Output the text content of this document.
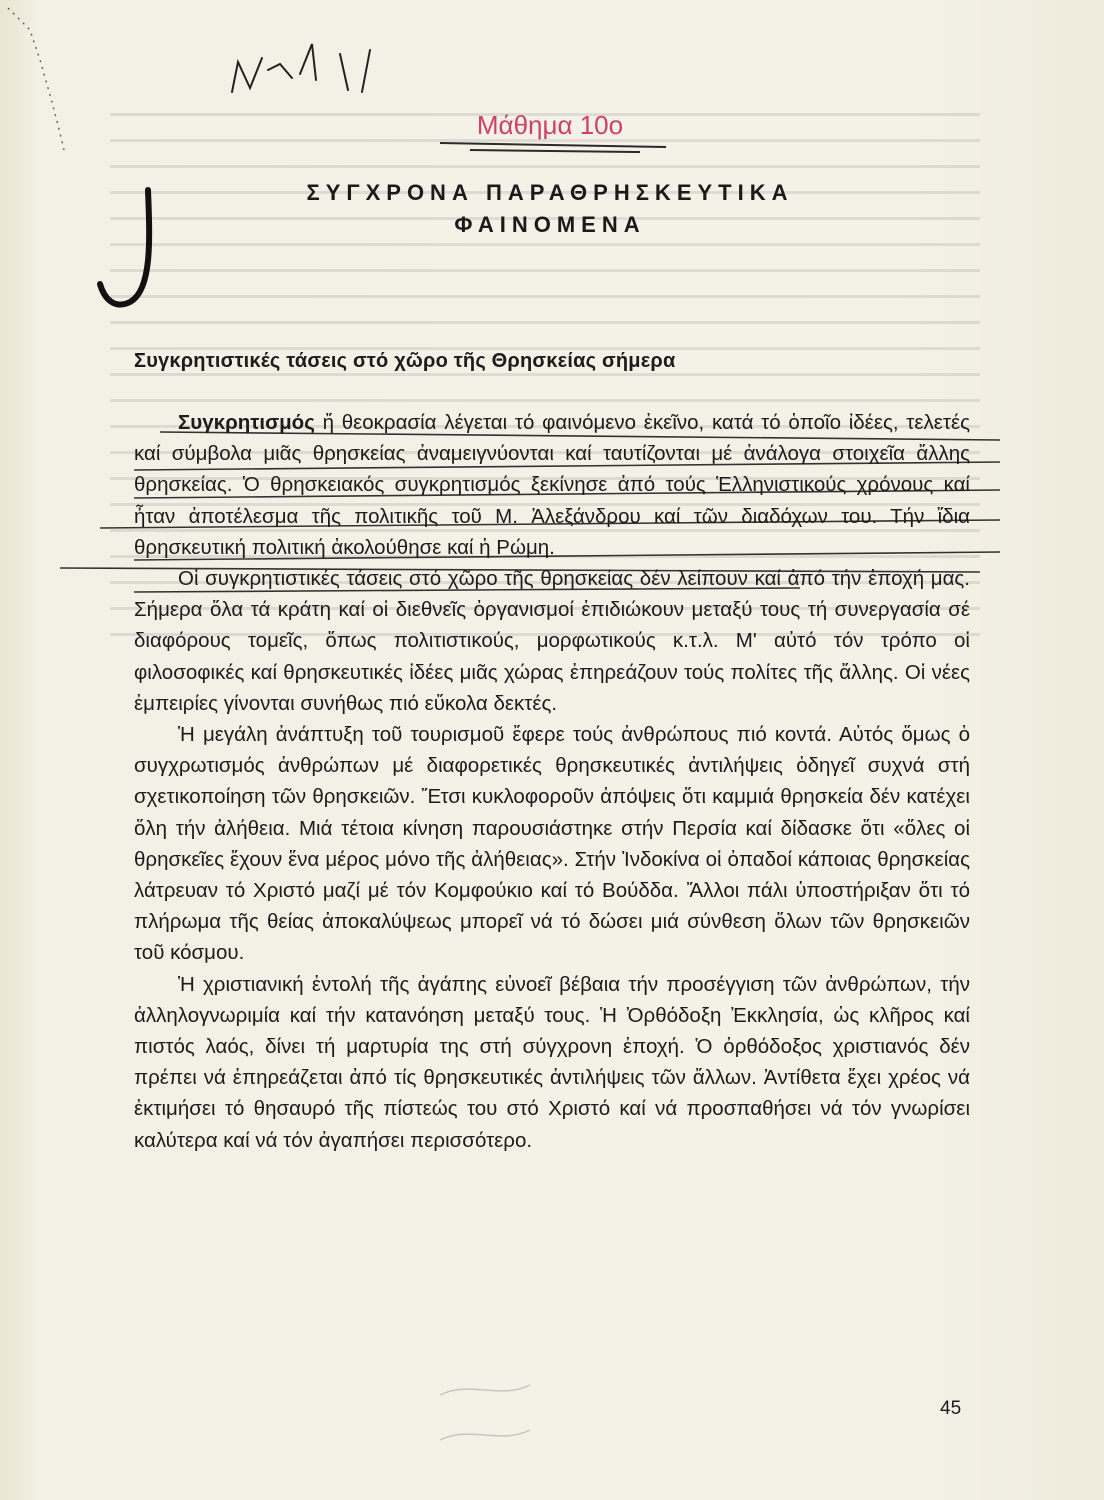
Μάθημα 10ο
ΣΥΓΧΡΟΝΑ ΠΑΡΑΘΡΗΣΚΕΥΤΙΚΑ
ΦΑΙΝΟΜΕΝΑ
Συγκρητιστικές τάσεις στό χῶρο τῆς Θρησκείας σήμερα

Συγκρητισμός ἤ θεοκρασία λέγεται τό φαινόμενο ἐκεῖνο, κατά τό ὁποῖο ἰδέες, τελετές καί σύμβολα μιᾶς θρησκείας ἀναμειγνύονται καί ταυτίζονται μέ ἀνάλογα στοιχεῖα ἄλλης θρησκείας. Ὁ θρησκειακός συγκρητισμός ξεκίνησε ἀπό τούς Ἑλληνιστικούς χρόνους καί ἦταν ἀποτέλεσμα τῆς πολιτικῆς τοῦ Μ. Ἀλεξάνδρου καί τῶν διαδόχων του. Τήν ἴδια θρησκευτική πολιτική ἀκολούθησε καί ἡ Ρώμη.

Οἱ συγκρητιστικές τάσεις στό χῶρο τῆς θρησκείας δέν λείπουν καί ἀπό τήν ἐποχή μας. Σήμερα ὅλα τά κράτη καί οἱ διεθνεῖς ὀργανισμοί ἐπιδιώκουν μεταξύ τους τή συνεργασία σέ διαφόρους τομεῖς, ὅπως πολιτιστικούς, μορφωτικούς κ.τ.λ. Μ' αὐτό τόν τρόπο οἱ φιλοσοφικές καί θρησκευτικές ἰδέες μιᾶς χώρας ἐπηρεάζουν τούς πολίτες τῆς ἄλλης. Οἱ νέες ἐμπειρίες γίνονται συνήθως πιό εὔκολα δεκτές.

Ἡ μεγάλη ἀνάπτυξη τοῦ τουρισμοῦ ἔφερε τούς ἀνθρώπους πιό κοντά. Αὐτός ὅμως ὁ συγχρωτισμός ἀνθρώπων μέ διαφορετικές θρησκευτικές ἀντιλήψεις ὁδηγεῖ συχνά στή σχετικοποίηση τῶν θρησκειῶν. Ἔτσι κυκλοφοροῦν ἀπόψεις ὅτι καμμιά θρησκεία δέν κατέχει ὅλη τήν ἀλήθεια. Μιά τέτοια κίνηση παρουσιάστηκε στήν Περσία καί δίδασκε ὅτι «ὅλες οἱ θρησκεῖες ἔχουν ἕνα μέρος μόνο τῆς ἀλήθειας». Στήν Ἰνδοκίνα οἱ ὀπαδοί κάποιας θρησκείας λάτρευαν τό Χριστό μαζί μέ τόν Κομφούκιο καί τό Βούδδα. Ἄλλοι πάλι ὑποστήριξαν ὅτι τό πλήρωμα τῆς θείας ἀποκαλύψεως μπορεῖ νά τό δώσει μιά σύνθεση ὅλων τῶν θρησκειῶν τοῦ κόσμου.

Ἡ χριστιανική ἐντολή τῆς ἀγάπης εὐνοεῖ βέβαια τήν προσέγγιση τῶν ἀνθρώπων, τήν ἀλληλογνωριμία καί τήν κατανόηση μεταξύ τους. Ἡ Ὀρθόδοξη Ἐκκλησία, ὡς κλῆρος καί πιστός λαός, δίνει τή μαρτυρία της στή σύγχρονη ἐποχή. Ὁ ὀρθόδοξος χριστιανός δέν πρέπει νά ἐπηρεάζεται ἀπό τίς θρησκευτικές ἀντιλήψεις τῶν ἄλλων. Ἀντίθετα ἔχει χρέος νά ἐκτιμήσει τό θησαυρό τῆς πίστεώς του στό Χριστό καί νά προσπαθήσει νά τόν γνωρίσει καλύτερα καί νά τόν ἀγαπήσει περισσότερο.

45
